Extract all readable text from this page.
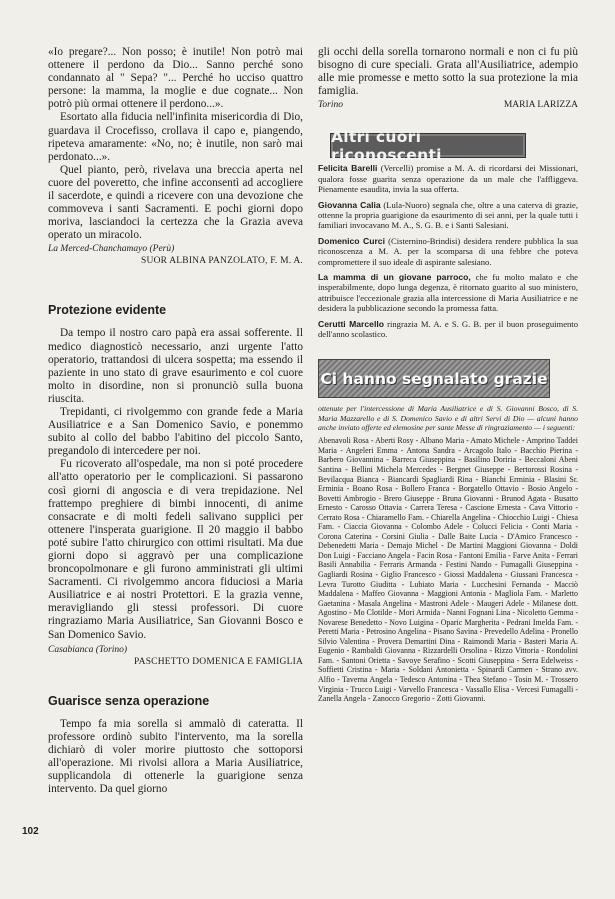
102

«Io pregare?... Non posso; è inutile! Non potrò mai ottenere il perdono da Dio... Sanno perché sono condannato al " Sepa? "... Perché ho ucciso quattro persone: la mamma, la moglie e due cognate... Non potrò più ormai ottenere il perdono...».

Esortato alla fiducia nell'infinita misericordia di Dio, guardava il Crocefisso, crollava il capo e, piangendo, ripeteva amaramente: «No, no; è inutile, non sarò mai perdonato...».

Quel pianto, però, rivelava una breccia aperta nel cuore del poveretto, che infine acconsentì ad accogliere il sacerdote, e quindi a ricevere con una devozione che commoveva i santi Sacramenti. E pochi giorni dopo moriva, lasciandoci la certezza che la Grazia aveva operato un miracolo.

La Merced-Chanchamayo (Perù)
SUOR ALBINA PANZOLATO, F. M. A.
Protezione evidente

Da tempo il nostro caro papà era assai sofferente. Il medico diagnosticò necessario, anzi urgente l'atto operatorio, trattandosi di ulcera sospetta; ma essendo il paziente in uno stato di grave esaurimento e col cuore molto in disordine, non si pronunciò sulla buona riuscita.

Trepidanti, ci rivolgemmo con grande fede a Maria Ausiliatrice e a San Domenico Savio, e ponemmo subito al collo del babbo l'abitino del piccolo Santo, pregandolo di intercedere per noi.

Fu ricoverato all'ospedale, ma non si poté procedere all'atto operatorio per le complicazioni. Si passarono così giorni di angoscia e di vera trepidazione. Nel frattempo preghiere di bimbi innocenti, di anime consacrate e di molti fedeli salivano supplici per ottenere l'insperata guarigione. Il 20 maggio il babbo poté subire l'atto chirurgico con ottimi risultati. Ma due giorni dopo si aggravò per una complicazione broncopolmonare e gli furono amministrati gli ultimi Sacramenti. Ci rivolgemmo ancora fiduciosi a Maria Ausiliatrice e ai nostri Protettori. E la grazia venne, meravigliando gli stessi professori. Di cuore ringraziamo Maria Ausiliatrice, San Giovanni Bosco e San Domenico Savio.

Casabianca (Torino)
PASCHETTO DOMENICA E FAMIGLIA
Guarisce senza operazione

Tempo fa mia sorella si ammalò di cateratta. Il professore ordinò subito l'intervento, ma la sorella dichiarò di voler morire piuttosto che sottoporsi all'operazione. Mi rivolsi allora a Maria Ausiliatrice, supplicandola di ottenerle la guarigione senza intervento. Da quel giorno

gli occhi della sorella tornarono normali e non ci fu più bisogno di cure speciali. Grata all'Ausiliatrice, adempio alle mie promesse e metto sotto la sua protezione la mia famiglia.

Torino	MARIA LARIZZA
Altri cuori riconoscenti

Felicita Barelli (Vercelli) promise a M. A. di ricordarsi dei Missionari, qualora fosse guarita senza operazione da un male che l'affliggeva. Pienamente esaudita, invia la sua offerta.

Giovanna Calia (Lula-Nuoro) segnala che, oltre a una caterva di grazie, ottenne la propria guarigione da esaurimento di sei anni, per la quale tutti i familiari invocavano M. A., S. G. B. e i Santi Salesiani.

Domenico Curci (Cisternino-Brindisi) desidera rendere pubblica la sua riconoscenza a M. A. per la scomparsa di una febbre che poteva compromettere il suo ideale di aspirante salesiano.

La mamma di un giovane parroco, che fu molto malato e che insperabilmente, dopo lunga degenza, è ritornato guarito al suo ministero, attribuisce l'eccezionale grazia alla intercessione di Maria Ausiliatrice e ne desidera la pubblicazione secondo la promessa fatta.

Cerutti Marcello ringrazia M. A. e S. G. B. per il buon proseguimento dell'anno scolastico.

Ci hanno segnalato grazie

ottenute per l'intercessione di Maria Ausiliatrice e di S. Giovanni Bosco, di S. Maria Mazzarello e di S. Domenico Savio e di altri Servi di Dio — alcuni hanno anche inviato offerte ed elemosine per sante Messe di ringraziamento — i seguenti:

Abenavoli Rosa - Aberti Rosy - Albano Maria - Amato Michele - Amprino Taddei Maria - Angeleri Emma - Antona Sandra - Arcagolo Italo - Bacchio Pierina - Barbero Giovannina - Barreca Giuseppina - Basilino Doriria - Beccaloni Abeni Santina - Bellini Michela Mercedes - Bergnet Giuseppe - Bertorossi Rosina - Bevilacqua Bianca - Biancardi Spagliardi Rina - Bianchi Erminia - Blasini Sr. Erminia - Boano Rosa - Bollero Franca - Borgatello Ottavio - Bosio Angelo - Bovetti Ambrogio - Brero Giuseppe - Bruna Giovanni - Brunod Agata - Busatto Ernesto - Carosso Ottavia - Carrera Teresa - Cascione Ernesta - Cava Vittorio - Cerrato Rosa - Chiaramello Fam. - Chiarella Angelina - Chiocchio Luigi - Chiesa Fam. - Ciaccia Giovanna - Colombo Adele - Colucci Felicia - Conti Maria - Corona Caterina - Corsini Giulia - Dalle Baite Lucia - D'Amico Francesco - Debenedetti Maria - Demajo Michel - De Martini Maggioni Giovanna - Doldi Don Luigi - Facciano Angela - Facin Rosa - Fantoni Emilia - Farve Anita - Ferrari Basili Annabilia - Ferraris Armanda - Festini Nando - Fumagalli Giuseppina - Gagliardi Rosina - Giglio Francesco - Giossi Maddalena - Giussani Francesca - Levra Turotto Giuditta - Lubiato Maria - Lucchesini Fernanda - Macciò Maddalena - Maffeo Giovanna - Maggioni Antonia - Magliola Fam. - Marletto Gaetanina - Masala Angelina - Mastroni Adele - Maugeri Adele - Milanese dott. Agostino - Mo Clotilde - Mori Armida - Nanni Fognani Lina - Nicoletto Gemma - Novarese Benedetto - Novo Luigina - Oparic Margherita - Pedrani Imelda Fam. - Peretti Maria - Petrosino Angelina - Pisano Savina - Prevedello Adelina - Pronello Silvio Valentina - Provera Demartini Dina - Raimondi Maria - Basteri Maria A. Eugenio - Rambaldi Giovanna - Rizzardelli Orsolina - Rizzo Vittoria - Rondolini Fam. - Santoni Orietta - Savoye Serafino - Scotti Giuseppina - Serra Edelweiss - Soffietti Cristina - Maria - Soldani Antonietta - Spinardi Carmen - Strano avv. Alfio - Taverna Angela - Tedesco Antonina - Thea Stefano - Tosin M. - Trossero Virginia - Trucco Luigi - Varvello Francesca - Vassallo Elisa - Vercesi Fumagalli - Zanella Angela - Zanocco Gregorio - Zotti Giovanni.
